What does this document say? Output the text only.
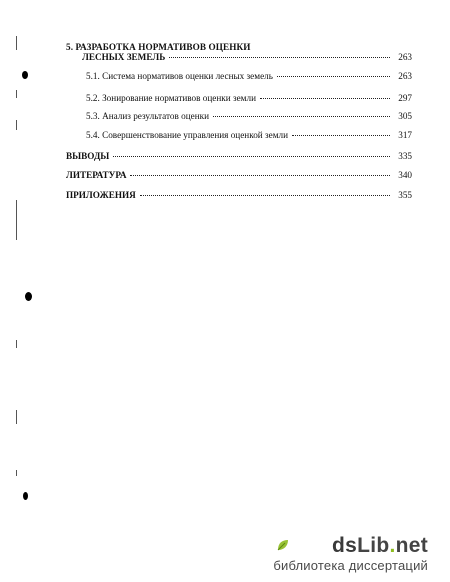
5. РАЗРАБОТКА НОРМАТИВОВ ОЦЕНКИ
ЛЕСНЫХ ЗЕМЕЛЬ	263
5.1. Система нормативов оценки лесных земель	263
5.2. Зонирование нормативов оценки земли	297
5.3. Анализ результатов оценки	305
5.4. Совершенствование управления оценкой земли	317
ВЫВОДЫ	335
ЛИТЕРАТУРА	340
ПРИЛОЖЕНИЯ	355
dsLib.net
библиотека диссертаций
